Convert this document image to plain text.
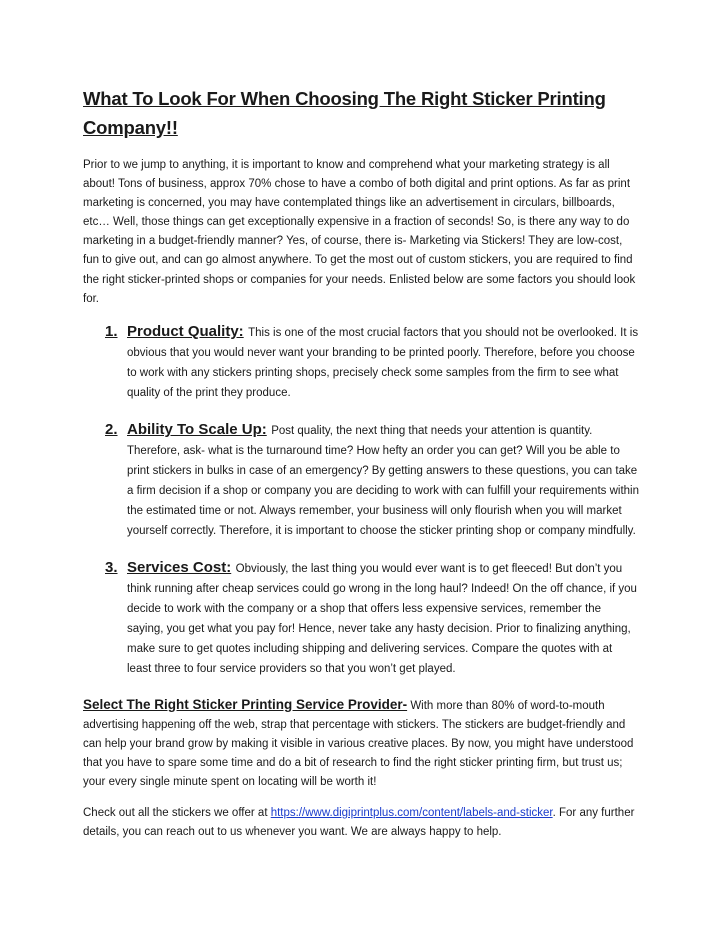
What To Look For When Choosing The Right Sticker Printing Company!!

Prior to we jump to anything, it is important to know and comprehend what your marketing strategy is all about! Tons of business, approx 70% chose to have a combo of both digital and print options. As far as print marketing is concerned, you may have contemplated things like an advertisement in circulars, billboards, etc… Well, those things can get exceptionally expensive in a fraction of seconds! So, is there any way to do marketing in a budget-friendly manner? Yes, of course, there is- Marketing via Stickers! They are low-cost, fun to give out, and can go almost anywhere. To get the most out of custom stickers, you are required to find the right sticker-printed shops or companies for your needs. Enlisted below are some factors you should look for.

1. Product Quality: This is one of the most crucial factors that you should not be overlooked. It is obvious that you would never want your branding to be printed poorly. Therefore, before you choose to work with any stickers printing shops, precisely check some samples from the firm to see what quality of the print they produce.
2. Ability To Scale Up: Post quality, the next thing that needs your attention is quantity. Therefore, ask- what is the turnaround time? How hefty an order you can get? Will you be able to print stickers in bulks in case of an emergency? By getting answers to these questions, you can take a firm decision if a shop or company you are deciding to work with can fulfill your requirements within the estimated time or not. Always remember, your business will only flourish when you will market yourself correctly. Therefore, it is important to choose the sticker printing shop or company mindfully.
3. Services Cost: Obviously, the last thing you would ever want is to get fleeced! But don’t you think running after cheap services could go wrong in the long haul? Indeed! On the off chance, if you decide to work with the company or a shop that offers less expensive services, remember the saying, you get what you pay for! Hence, never take any hasty decision. Prior to finalizing anything, make sure to get quotes including shipping and delivering services. Compare the quotes with at least three to four service providers so that you won’t get played.

Select The Right Sticker Printing Service Provider- With more than 80% of word-to-mouth advertising happening off the web, strap that percentage with stickers. The stickers are budget-friendly and can help your brand grow by making it visible in various creative places. By now, you might have understood that you have to spare some time and do a bit of research to find the right sticker printing firm, but trust us; your every single minute spent on locating will be worth it!

Check out all the stickers we offer at https://www.digiprintplus.com/content/labels-and-sticker. For any further details, you can reach out to us whenever you want. We are always happy to help.
